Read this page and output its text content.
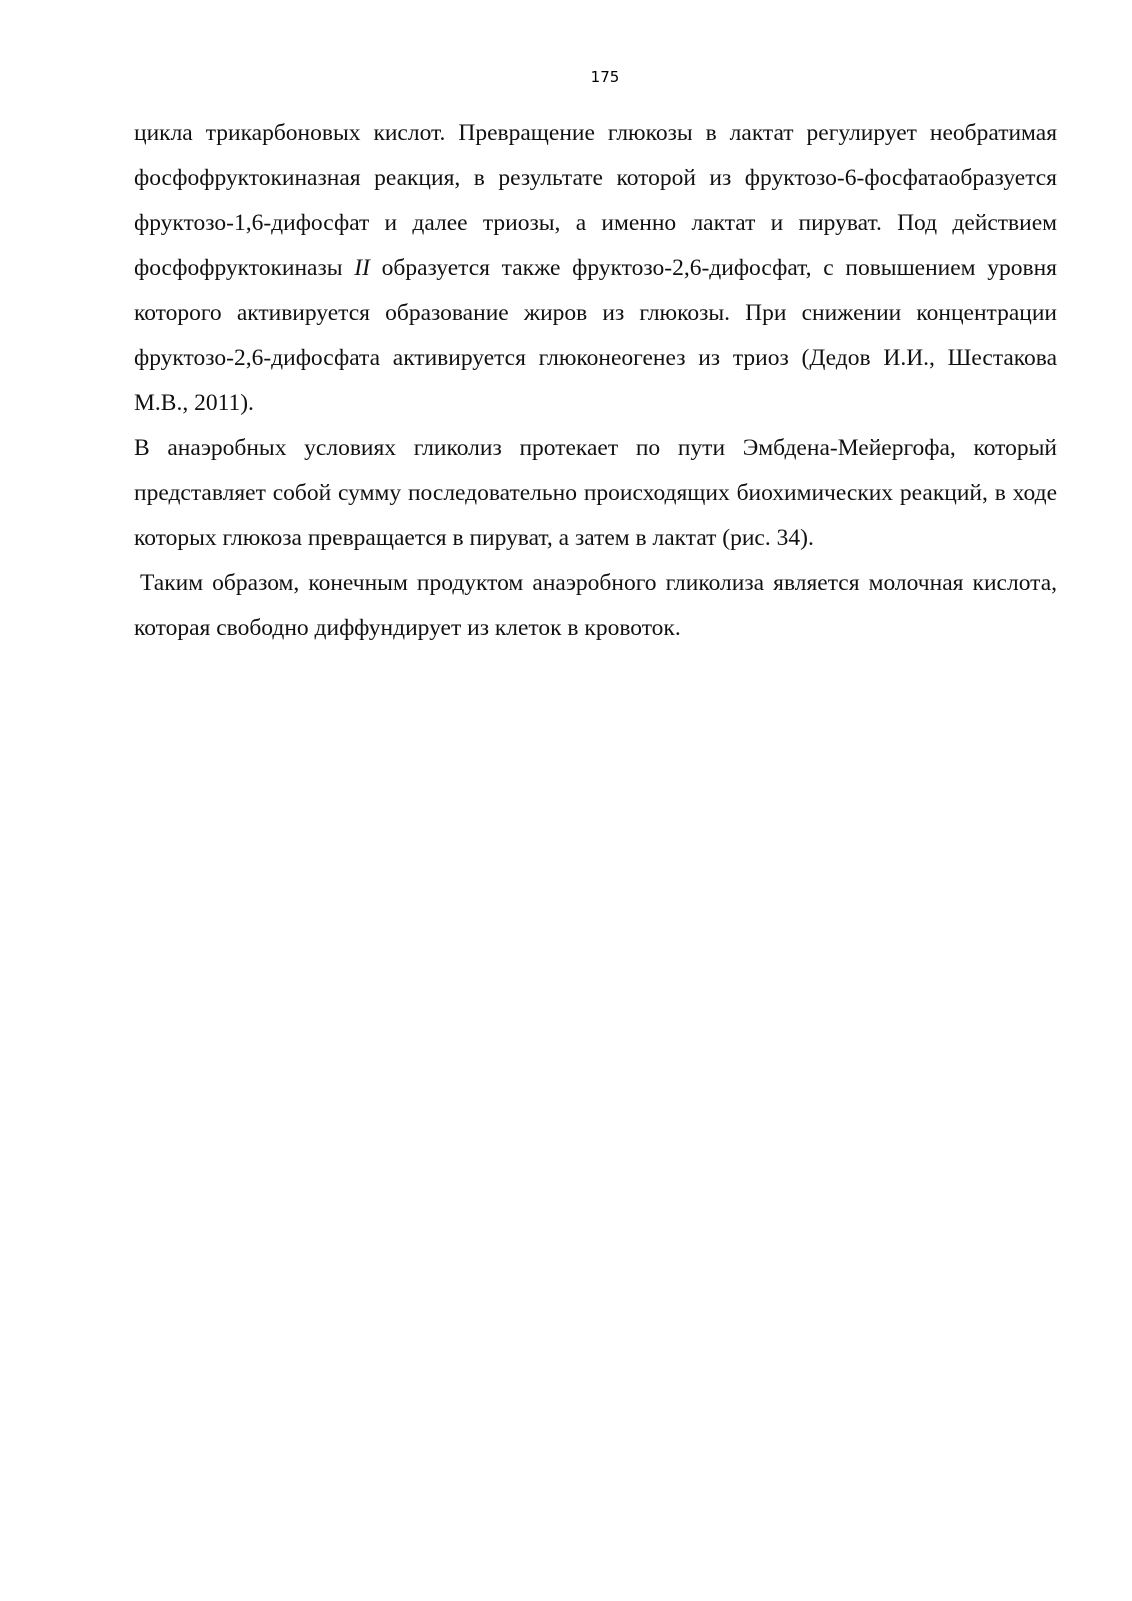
175

цикла трикарбоновых кислот. Превращение глюкозы в лактат регулирует необратимая фосфофруктокиназная реакция, в результате которой из фруктозо-6-фосфатаобразуется фруктозо-1,6-дифосфат и далее триозы, а именно лактат и пируват. Под действием фосфофруктокиназы II образуется также фруктозо-2,6-дифосфат, с повышением уровня которого активируется образование жиров из глюкозы. При снижении концентрации фруктозо-2,6-дифосфата активируется глюконеогенез из триоз (Дедов И.И., Шестакова М.В., 2011).

В анаэробных условиях гликолиз протекает по пути Эмбдена-Мейергофа, который представляет собой сумму последовательно происходящих биохимических реакций, в ходе которых глюкоза превращается в пируват, а затем в лактат (рис. 34).

Таким образом, конечным продуктом анаэробного гликолиза является молочная кислота, которая свободно диффундирует из клеток в кровоток.
